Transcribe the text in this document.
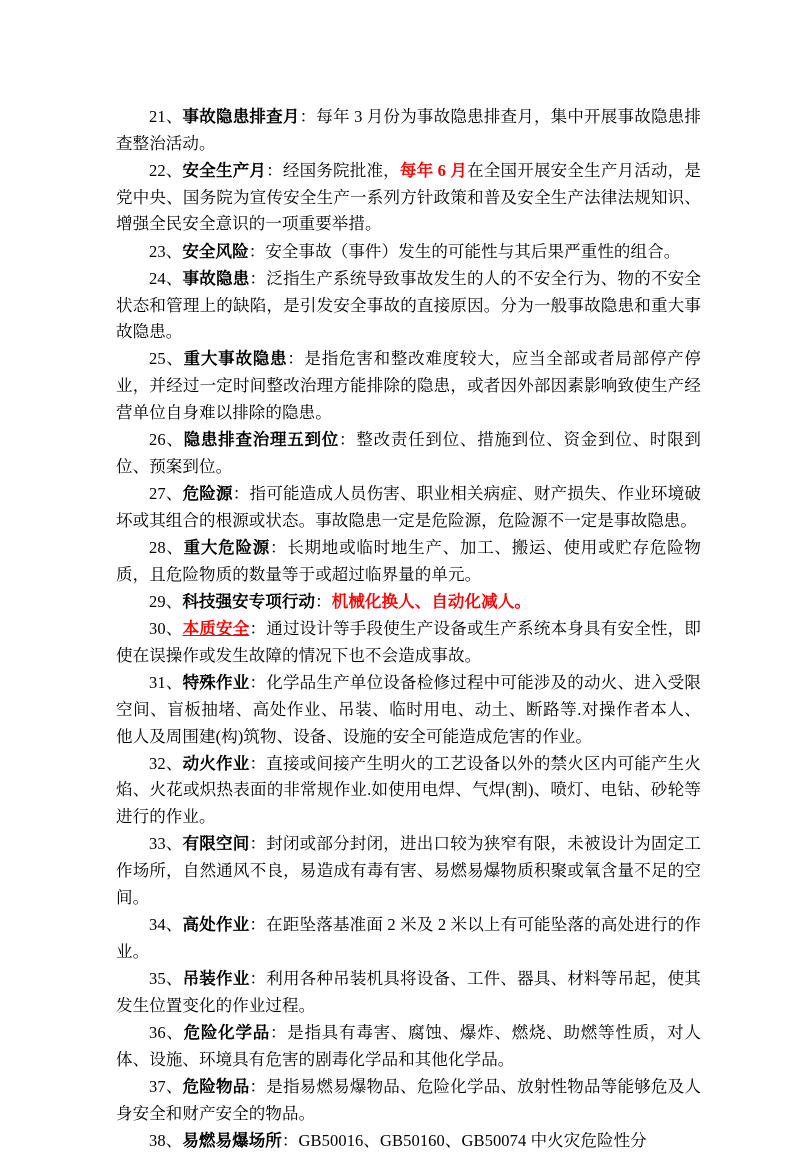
21、事故隐患排查月：每年 3 月份为事故隐患排查月，集中开展事故隐患排查整治活动。

22、安全生产月：经国务院批准，每年 6 月在全国开展安全生产月活动，是党中央、国务院为宣传安全生产一系列方针政策和普及安全生产法律法规知识、增强全民安全意识的一项重要举措。

23、安全风险：安全事故（事件）发生的可能性与其后果严重性的组合。

24、事故隐患：泛指生产系统导致事故发生的人的不安全行为、物的不安全状态和管理上的缺陷，是引发安全事故的直接原因。分为一般事故隐患和重大事故隐患。

25、重大事故隐患：是指危害和整改难度较大，应当全部或者局部停产停业，并经过一定时间整改治理方能排除的隐患，或者因外部因素影响致使生产经营单位自身难以排除的隐患。

26、隐患排查治理五到位：整改责任到位、措施到位、资金到位、时限到位、预案到位。

27、危险源：指可能造成人员伤害、职业相关病症、财产损失、作业环境破坏或其组合的根源或状态。事故隐患一定是危险源，危险源不一定是事故隐患。

28、重大危险源：长期地或临时地生产、加工、搬运、使用或贮存危险物质，且危险物质的数量等于或超过临界量的单元。

29、科技强安专项行动：机械化换人、自动化减人。

30、本质安全：通过设计等手段使生产设备或生产系统本身具有安全性，即使在误操作或发生故障的情况下也不会造成事故。

31、特殊作业：化学品生产单位设备检修过程中可能涉及的动火、进入受限空间、盲板抽堵、高处作业、吊装、临时用电、动土、断路等.对操作者本人、他人及周围建(构)筑物、设备、设施的安全可能造成危害的作业。

32、动火作业：直接或间接产生明火的工艺设备以外的禁火区内可能产生火焰、火花或炽热表面的非常规作业.如使用电焊、气焊(割)、喷灯、电钻、砂轮等进行的作业。

33、有限空间：封闭或部分封闭，进出口较为狭窄有限，未被设计为固定工作场所，自然通风不良，易造成有毒有害、易燃易爆物质积聚或氧含量不足的空间。

34、高处作业：在距坠落基准面 2 米及 2 米以上有可能坠落的高处进行的作业。

35、吊装作业：利用各种吊装机具将设备、工件、器具、材料等吊起，使其发生位置变化的作业过程。

36、危险化学品：是指具有毒害、腐蚀、爆炸、燃烧、助燃等性质，对人体、设施、环境具有危害的剧毒化学品和其他化学品。

37、危险物品：是指易燃易爆物品、危险化学品、放射性物品等能够危及人身安全和财产安全的物品。

38、易燃易爆场所：GB50016、GB50160、GB50074 中火灾危险性分
